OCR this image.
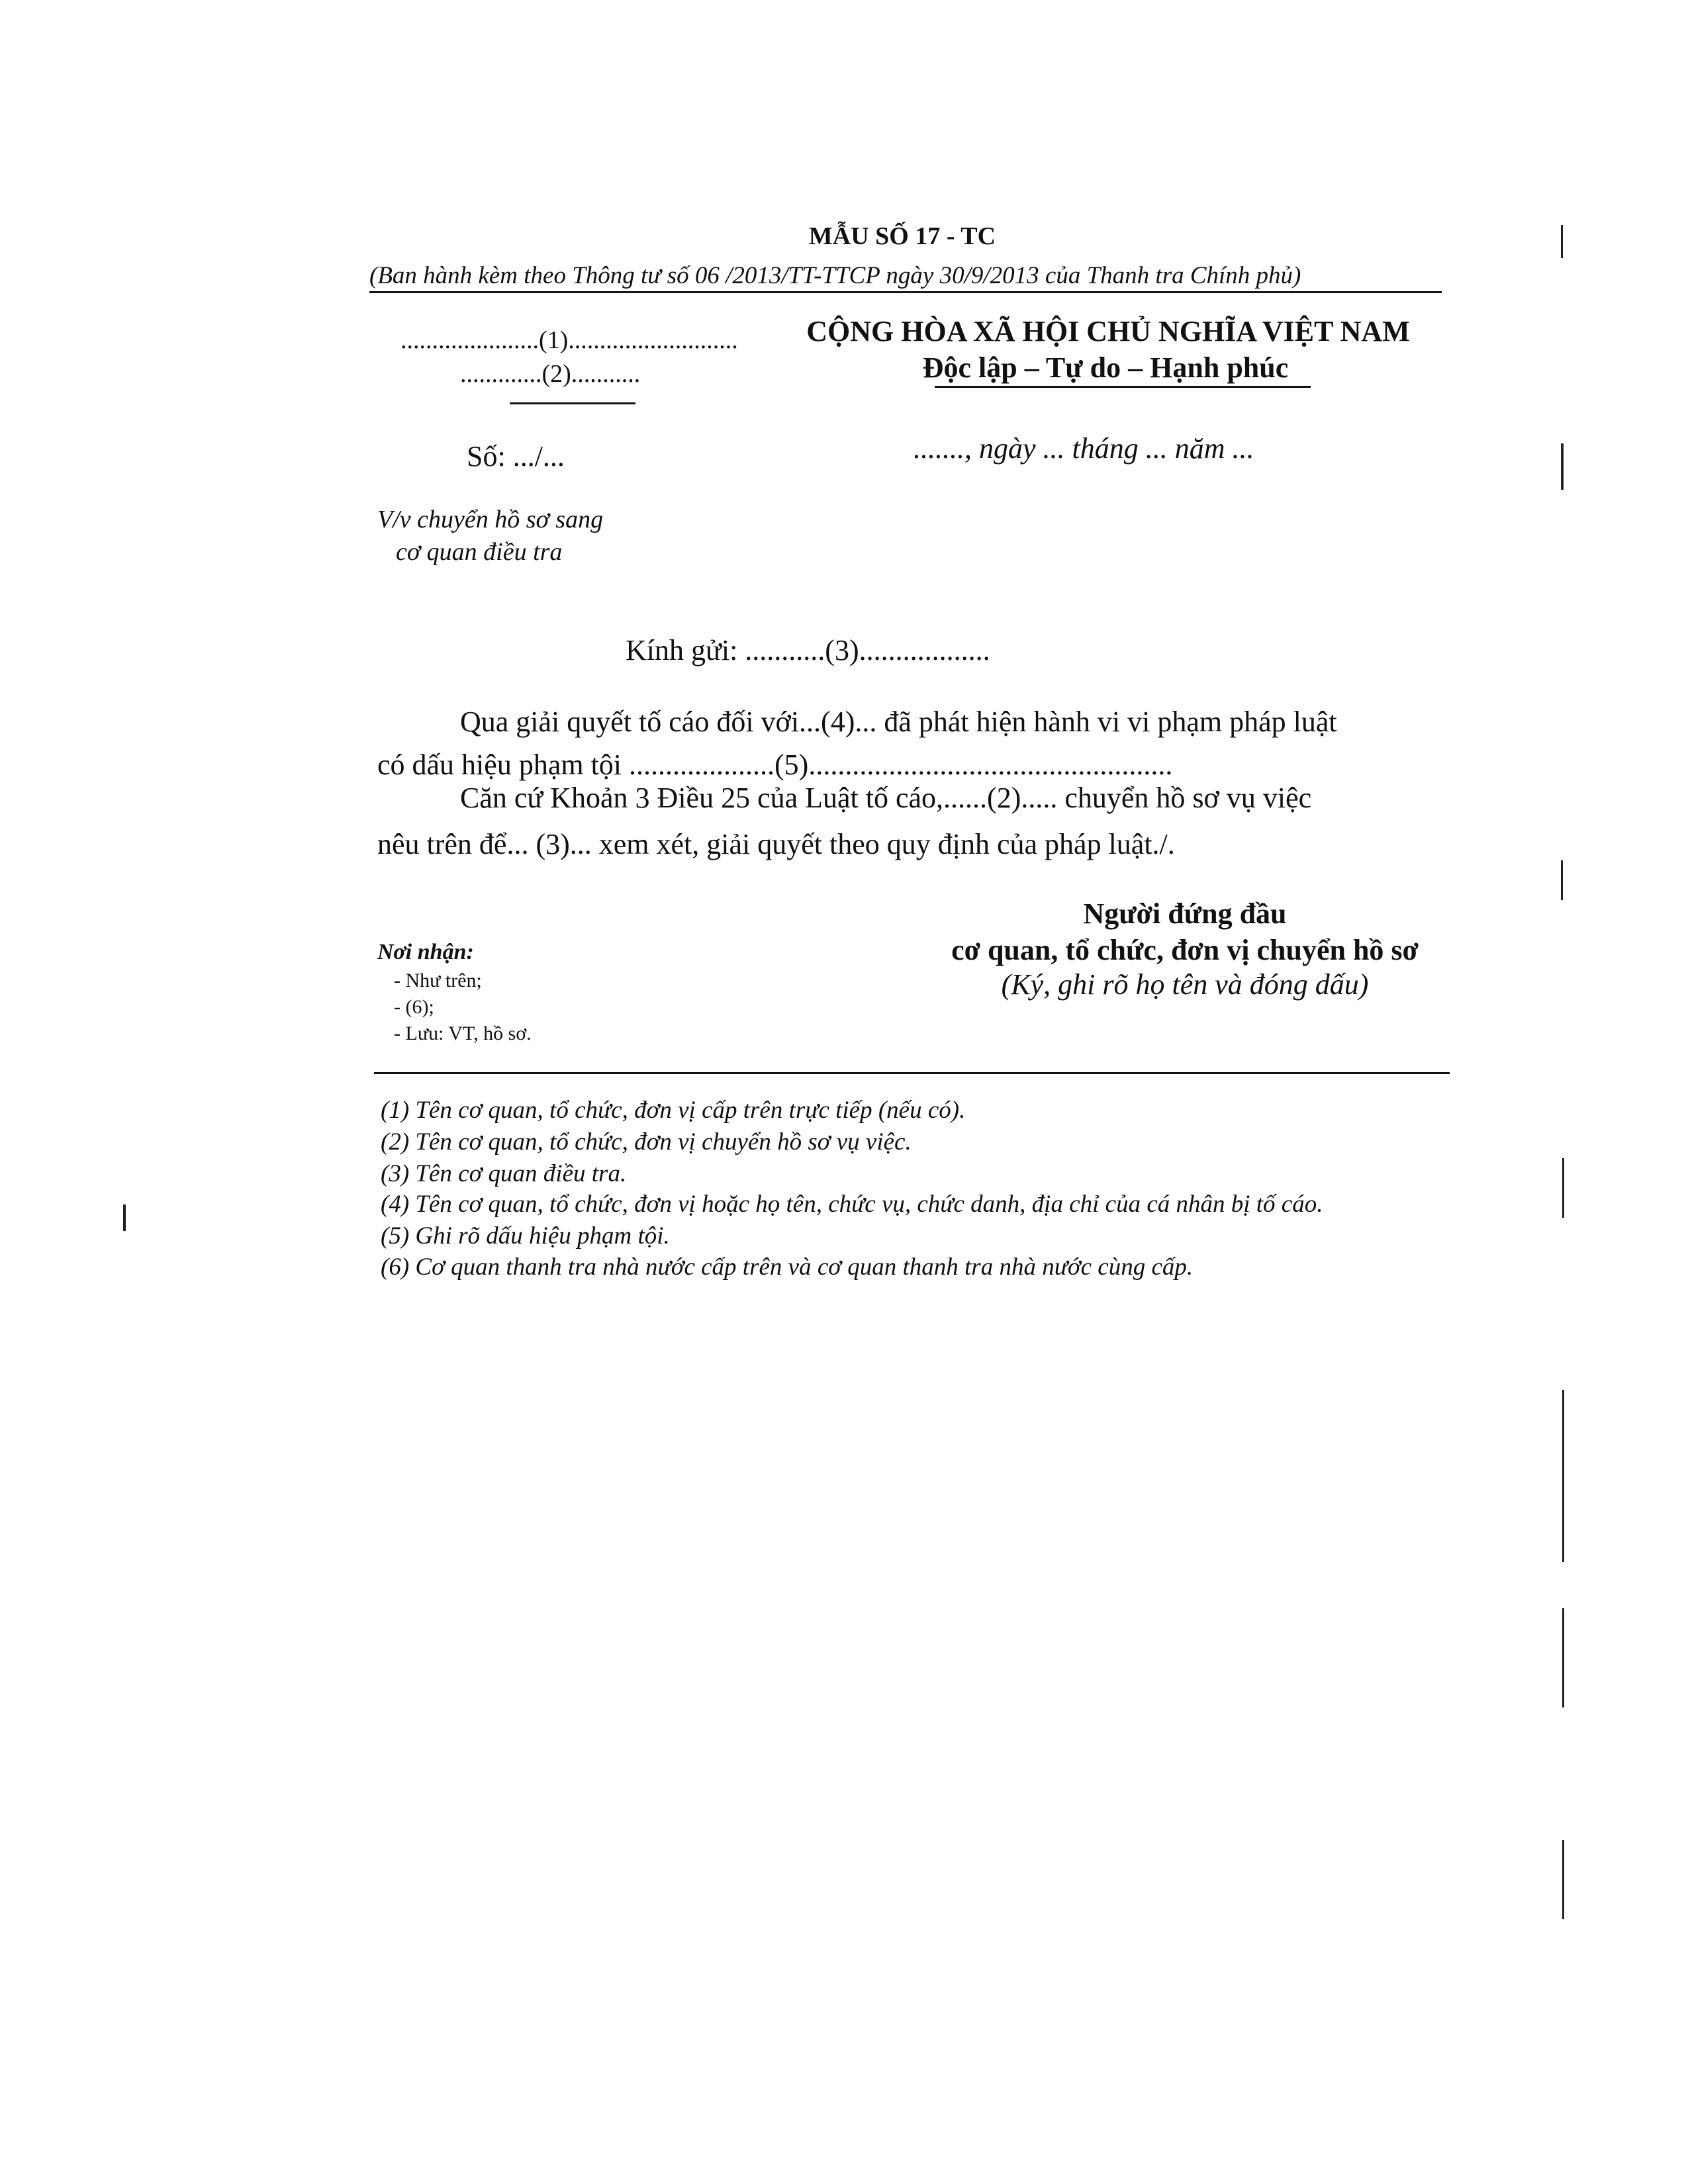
MẪU SỐ 17 - TC
(Ban hành kèm theo Thông tư số 06 /2013/TT-TTCP ngày 30/9/2013 của Thanh tra Chính phủ)
......................(1)...........................
.............(2)...........
CỘNG HÒA XÃ HỘI CHỦ NGHĨA VIỆT NAM
Độc lập – Tự do – Hạnh phúc
Số: .../...	......., ngày ... tháng ... năm ...
V/v chuyển hồ sơ sang
cơ quan điều tra
Kính gửi: ...........(3)..................
Qua giải quyết tố cáo đối với...(4)... đã phát hiện hành vi vi phạm pháp luật
có dấu hiệu phạm tội ....................(5)..................................................
Căn cứ Khoản 3 Điều 25 của Luật tố cáo,......(2)..... chuyển hồ sơ vụ việc
nêu trên để... (3)... xem xét, giải quyết theo quy định của pháp luật./.
Người đứng đầu
cơ quan, tổ chức, đơn vị chuyển hồ sơ
(Ký, ghi rõ họ tên và đóng dấu)
Nơi nhận:
- Như trên;
- (6);
- Lưu: VT, hồ sơ.
(1) Tên cơ quan, tổ chức, đơn vị cấp trên trực tiếp (nếu có).
(2) Tên cơ quan, tổ chức, đơn vị chuyển hồ sơ vụ việc.
(3) Tên cơ quan điều tra.
(4) Tên cơ quan, tổ chức, đơn vị hoặc họ tên, chức vụ, chức danh, địa chỉ của cá nhân bị tố cáo.
(5) Ghi rõ dấu hiệu phạm tội.
(6) Cơ quan thanh tra nhà nước cấp trên và cơ quan thanh tra nhà nước cùng cấp.
